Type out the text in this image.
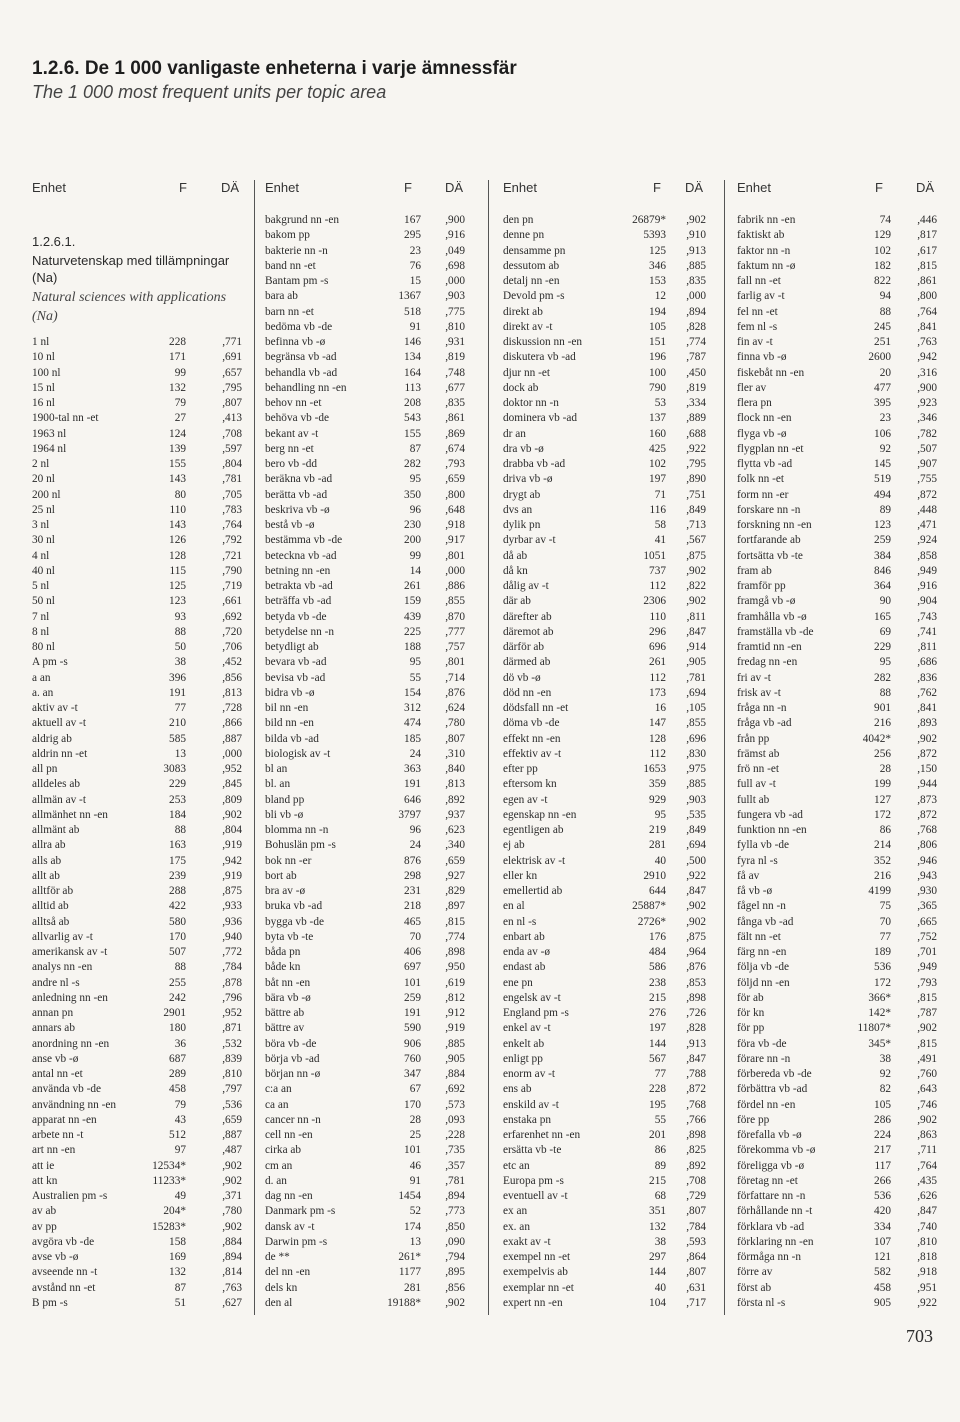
1.2.6. De 1 000 vanligaste enheterna i varje ämnessfär
The 1 000 most frequent units per topic area
Enhet	F	DÄ
1 nl	228	,771
10 nl	171	,691
100 nl	99	,657
15 nl	132	,795
16 nl	79	,807
1900-tal nn -et	27	,413
1963 nl	124	,708
1964 nl	139	,597
2 nl	155	,804
20 nl	143	,781
200 nl	80	,705
25 nl	110	,783
3 nl	143	,764
30 nl	126	,792
4 nl	128	,721
40 nl	115	,790
5 nl	125	,719
50 nl	123	,661
7 nl	93	,692
8 nl	88	,720
80 nl	50	,706
A pm -s	38	,452
a an	396	,856
a. an	191	,813
aktiv av -t	77	,728
aktuell av -t	210	,866
aldrig ab	585	,887
aldrin nn -et	13	,000
all pn	3083	,952
alldeles ab	229	,845
allmän av -t	253	,809
allmänhet nn -en	184	,902
allmänt ab	88	,804
allra ab	163	,919
alls ab	175	,942
allt ab	239	,919
alltför ab	288	,875
alltid ab	422	,933
alltså ab	580	,936
allvarlig av -t	170	,940
amerikansk av -t	507	,772
analys nn -en	88	,784
andre nl -s	255	,878
anledning nn -en	242	,796
annan pn	2901	,952
annars ab	180	,871
anordning nn -en	36	,532
anse vb -ø	687	,839
antal nn -et	289	,810
använda vb -de	458	,797
användning nn -en	79	,536
apparat nn -en	43	,659
arbete nn -t	512	,887
art nn -en	97	,487
att ie	12534*	,902
att kn	11233*	,902
Australien pm -s	49	,371
av ab	204*	,780
av pp	15283*	,902
avgöra vb -de	158	,884
avse vb -ø	169	,894
avseende nn -t	132	,814
avstånd nn -et	87	,763
B pm -s	51	,627
Enhet	F	DÄ
bakgrund nn -en	167 ,900
bakom pp	295 ,916
bakterie nn -n	23 ,049
band nn -et	76 ,698
Bantam pm -s	15 ,000
bara ab	1367 ,903
barn nn -et	518 ,775
bedöma vb -de	91 ,810
befinna vb -ø	146 ,931
begränsa vb -ad	134 ,819
behandla vb -ad	164 ,748
behandling nn -en	113 ,677
behov nn -et	208 ,835
behöva vb -de	543 ,861
bekant av -t	155 ,869
berg nn -et	87 ,674
bero vb -dd	282 ,793
beräkna vb -ad	95 ,659
berätta vb -ad	350 ,800
beskriva vb -ø	96 ,648
bestå vb -ø	230 ,918
bestämma vb -de	200 ,917
beteckna vb -ad	99 ,801
betning nn -en	14 ,000
betrakta vb -ad	261 ,886
beträffa vb -ad	159 ,855
betyda vb -de	439 ,870
betydelse nn -n	225 ,777
betydligt ab	188 ,757
bevara vb -ad	95 ,801
bevisa vb -ad	55 ,714
bidra vb -ø	154 ,876
bil nn -en	312 ,624
bild nn -en	474 ,780
bilda vb -ad	185 ,807
biologisk av -t	24 ,310
bl an	363 ,840
bl. an	191 ,813
bland pp	646 ,892
bli vb -ø	3797 ,937
blomma nn -n	96 ,623
Bohuslän pm -s	24 ,340
bok nn -er	876 ,659
bort ab	298 ,927
bra av -ø	231 ,829
bruka vb -ad	218 ,897
bygga vb -de	465 ,815
byta vb -te	70 ,774
båda pn	406 ,898
både kn	697 ,950
båt nn -en	101 ,619
bära vb -ø	259 ,812
bättre ab	191 ,912
bättre av	590 ,919
böra vb -de	906 ,885
börja vb -ad	760 ,905
början nn -ø	347 ,884
c:a an	67 ,692
ca an	170 ,573
cancer nn -n	28 ,093
cell nn -en	25 ,228
cirka ab	101 ,735
cm an	46 ,357
d. an	91 ,781
dag nn -en	1454 ,894
Danmark pm -s	52 ,773
dansk av -t	174 ,850
Darwin pm -s	13 ,090
de **	261* ,794
del nn -en	1177 ,895
dels kn	281 ,856
den al	19188* ,902
Enhet	F DÄ
den pn	26879* ,902
denne pn	5393 ,910
densamme pn	125 ,913
dessutom ab	346 ,885
detalj nn -en	153 ,835
Devold pm -s	12 ,000
direkt ab	194 ,894
direkt av -t	105 ,828
diskussion nn -en	151 ,774
diskutera vb -ad	196 ,787
djur nn -et	100 ,450
dock ab	790 ,819
doktor nn -n	53 ,334
dominera vb -ad	137 ,889
dr an	160 ,688
dra vb -ø	425 ,922
drabba vb -ad	102 ,795
driva vb -ø	197 ,890
drygt ab	71 ,751
dvs an	116 ,849
dylik pn	58 ,713
dyrbar av -t	41 ,567
då ab	1051 ,875
då kn	737 ,902
dålig av -t	112 ,822
där ab	2306 ,902
därefter ab	110 ,811
däremot ab	296 ,847
därför ab	696 ,914
därmed ab	261 ,905
dö vb -ø	112 ,781
död nn -en	173 ,694
dödsfall nn -et	16 ,105
döma vb -de	147 ,855
effekt nn -en	128 ,696
effektiv av -t	112 ,830
efter pp	1653 ,975
eftersom kn	359 ,885
egen av -t	929 ,903
egenskap nn -en	95 ,535
egentligen ab	219 ,849
ej ab	281 ,694
elektrisk av -t	40 ,500
eller kn	2910 ,922
emellertid ab	644 ,847
en al	25887* ,902
en nl -s	2726* ,902
enbart ab	176 ,875
enda av -ø	484 ,964
endast ab	586 ,876
ene pn	238 ,853
engelsk av -t	215 ,898
England pm -s	276 ,726
enkel av -t	197 ,828
enkelt ab	144 ,913
enligt pp	567 ,847
enorm av -t	77 ,788
ens ab	228 ,872
enskild av -t	195 ,768
enstaka pn	55 ,766
erfarenhet nn -en	201 ,898
ersätta vb -te	86 ,825
etc an	89 ,892
Europa pm -s	215 ,708
eventuell av -t	68 ,729
ex an	351 ,807
ex. an	132 ,784
exakt av -t	38 ,593
exempel nn -et	297 ,864
exempelvis ab	144 ,807
exemplar nn -et	40 ,631
expert nn -en	104 ,717
Enhet	F	DÄ
fabrik nn -en	74 ,446
faktiskt ab	129 ,817
faktor nn -n	102 ,617
faktum nn -ø	182 ,815
fall nn -et	822 ,861
farlig av -t	94 ,800
fel nn -et	88 ,764
fem nl -s	245 ,841
fin av -t	251 ,763
finna vb -ø	2600 ,942
fiskebåt nn -en	20 ,316
fler av	477 ,900
flera pn	395 ,923
flock nn -en	23 ,346
flyga vb -ø	106 ,782
flygplan nn -et	92 ,507
flytta vb -ad	145 ,907
folk nn -et	519 ,755
form nn -er	494 ,872
forskare nn -n	89 ,448
forskning nn -en	123 ,471
fortfarande ab	259 ,924
fortsätta vb -te	384 ,858
fram ab	846 ,949
framför pp	364 ,916
framgå vb -ø	90 ,904
framhålla vb -ø	165 ,743
framställa vb -de	69 ,741
framtid nn -en	229 ,811
fredag nn -en	95 ,686
fri av -t	282 ,836
frisk av -t	88 ,762
fråga nn -n	901 ,841
fråga vb -ad	216 ,893
från pp	4042* ,902
främst ab	256 ,872
frö nn -et	28 ,150
full av -t	199 ,944
fullt ab	127 ,873
fungera vb -ad	172 ,872
funktion nn -en	86 ,768
fylla vb -de	214 ,806
fyra nl -s	352 ,946
få av	216 ,943
få vb -ø	4199 ,930
fågel nn -n	75 ,365
fånga vb -ad	70 ,665
fält nn -et	77 ,752
färg nn -en	189 ,701
följa vb -de	536 ,949
följd nn -en	172 ,793
för ab	366* ,815
för kn	142* ,787
för pp	11807* ,902
föra vb -de	345* ,815
förare nn -n	38 ,491
förbereda vb -de	92 ,760
förbättra vb -ad	82 ,643
fördel nn -en	105 ,746
före pp	286 ,902
förefalla vb -ø	224 ,863
förekomma vb -ø	217 ,711
föreligga vb -ø	117 ,764
företag nn -et	266 ,435
författare nn -n	536 ,626
förhållande nn -t	420 ,847
förklara vb -ad	334 ,740
förklaring nn -en	107 ,810
förmåga nn -n	121 ,818
förre av	582 ,918
först ab	458 ,951
första nl -s	905 ,922
1.2.6.1.
Naturvetenskap med tillämpningar (Na)
Natural sciences with applications (Na)
703
